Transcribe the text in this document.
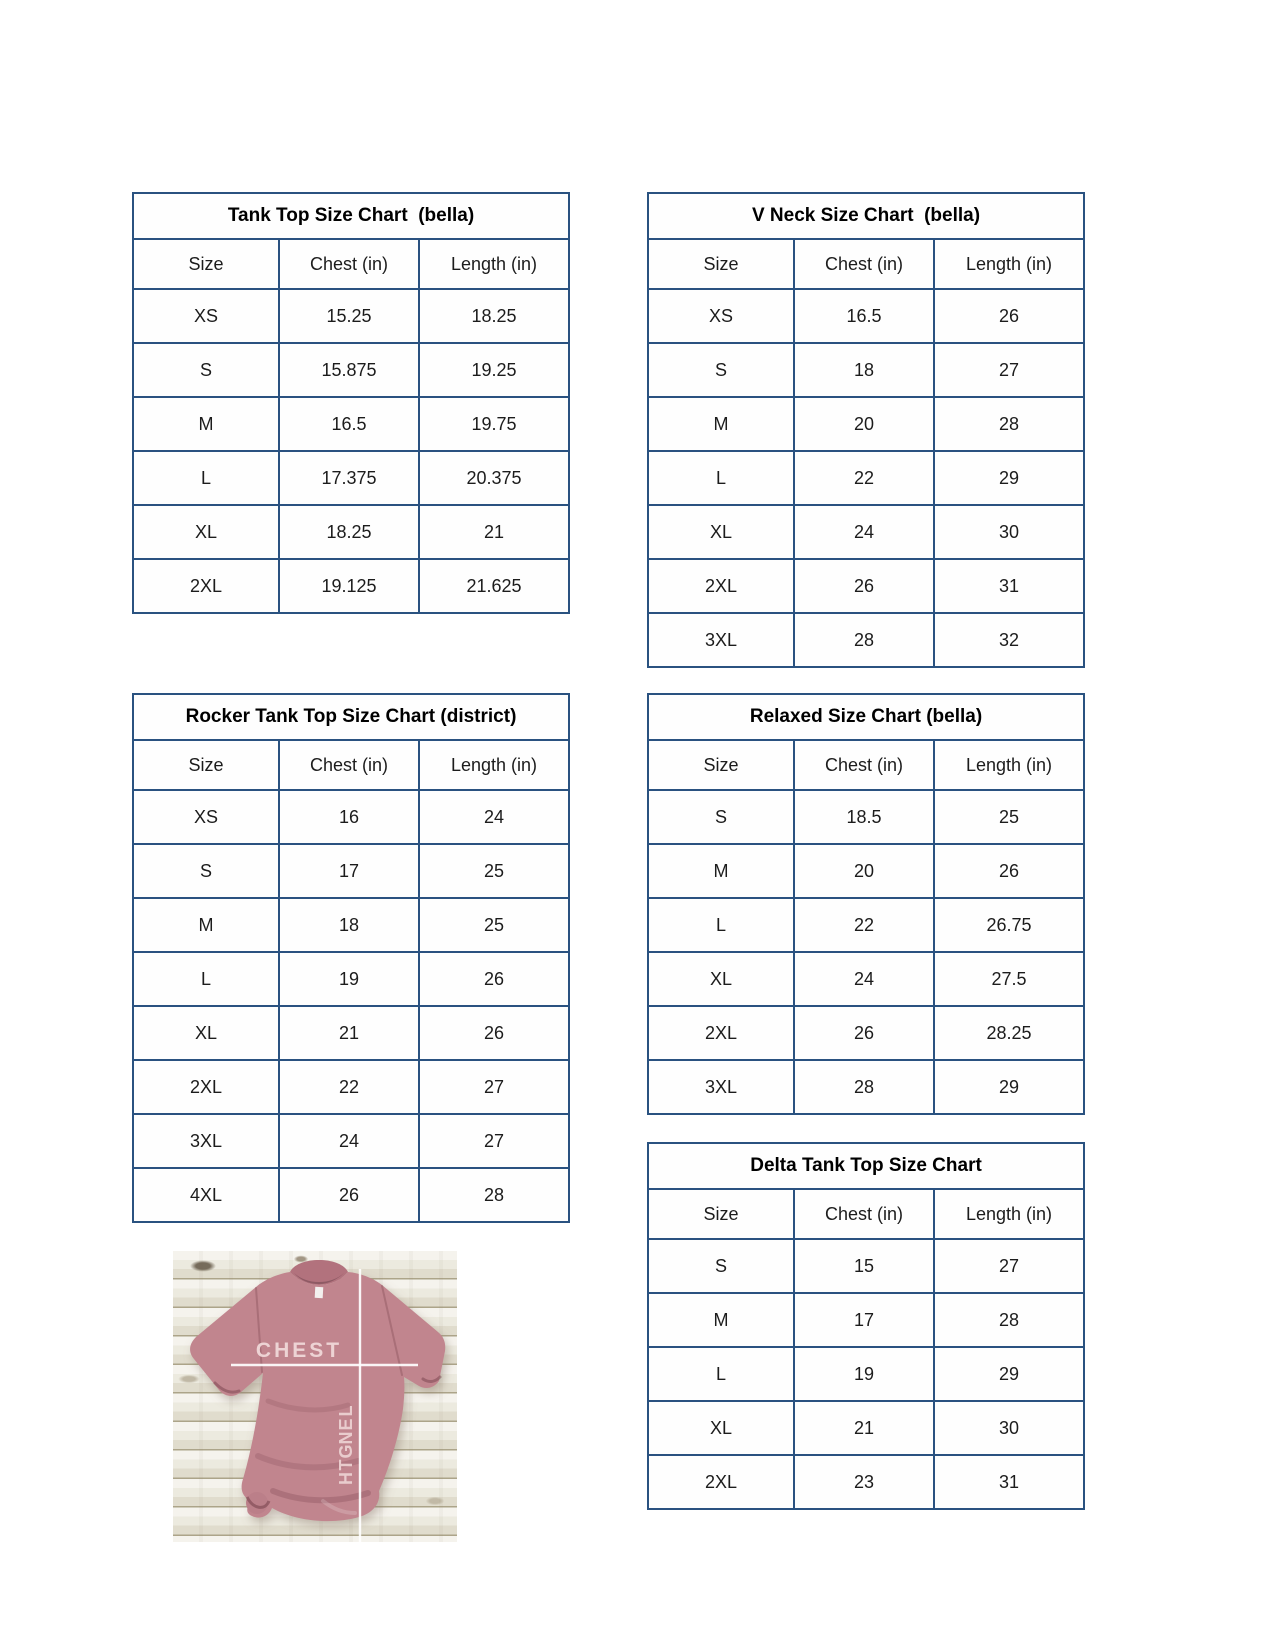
Tank Top Size Chart  (bella)		
Size	Chest (in)	Length (in)
XS	15.25	18.25
S	15.875	19.25
M	16.5	19.75
L	17.375	20.375
XL	18.25	21
2XL	19.125	21.625
V Neck Size Chart  (bella)		
Size	Chest (in)	Length (in)
XS	16.5	26
S	18	27
M	20	28
L	22	29
XL	24	30
2XL	26	31
3XL	28	32
Rocker Tank Top Size Chart (district)		
Size	Chest (in)	Length (in)
XS	16	24
S	17	25
M	18	25
L	19	26
XL	21	26
2XL	22	27
3XL	24	27
4XL	26	28
Relaxed Size Chart (bella)		
Size	Chest (in)	Length (in)
S	18.5	25
M	20	26
L	22	26.75
XL	24	27.5
2XL	26	28.25
3XL	28	29
Delta Tank Top Size Chart		
Size	Chest (in)	Length (in)
S	15	27
M	17	28
L	19	29
XL	21	30
2XL	23	31
CHEST
L
E
N
G
T
H
